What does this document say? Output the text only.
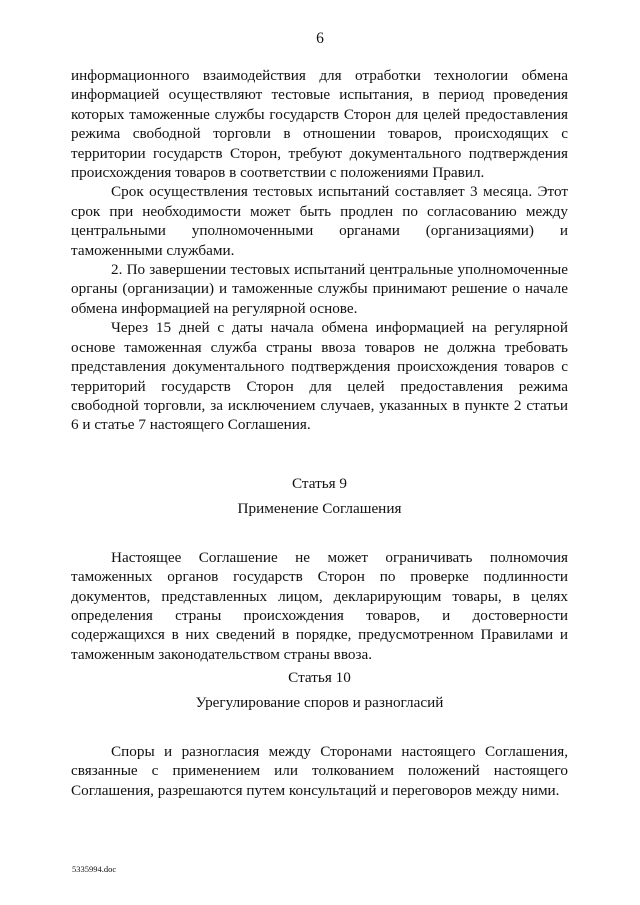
6

информационного взаимодействия для отработки технологии обмена информацией осуществляют тестовые испытания, в период проведения которых таможенные службы государств Сторон для целей предоставления режима свободной торговли в отношении товаров, происходящих с территории государств Сторон, требуют документального подтверждения происхождения товаров в соответствии с положениями Правил.

Срок осуществления тестовых испытаний составляет 3 месяца. Этот срок при необходимости может быть продлен по согласованию между центральными уполномоченными органами (организациями) и таможенными службами.

2. По завершении тестовых испытаний центральные уполномоченные органы (организации) и таможенные службы принимают решение о начале обмена информацией на регулярной основе.

Через 15 дней с даты начала обмена информацией на регулярной основе таможенная служба страны ввоза товаров не должна требовать представления документального подтверждения происхождения товаров с территорий государств Сторон для целей предоставления режима свободной торговли, за исключением случаев, указанных в пункте 2 статьи 6 и статье 7 настоящего Соглашения.

Статья 9

Применение Соглашения

Настоящее Соглашение не может ограничивать полномочия таможенных органов государств Сторон по проверке подлинности документов, представленных лицом, декларирующим товары, в целях определения страны происхождения товаров, и достоверности содержащихся в них сведений в порядке, предусмотренном Правилами и таможенным законодательством страны ввоза.

Статья 10

Урегулирование споров и разногласий

Споры и разногласия между Сторонами настоящего Соглашения, связанные с применением или толкованием положений настоящего Соглашения, разрешаются путем консультаций и переговоров между ними.

5335994.doc
